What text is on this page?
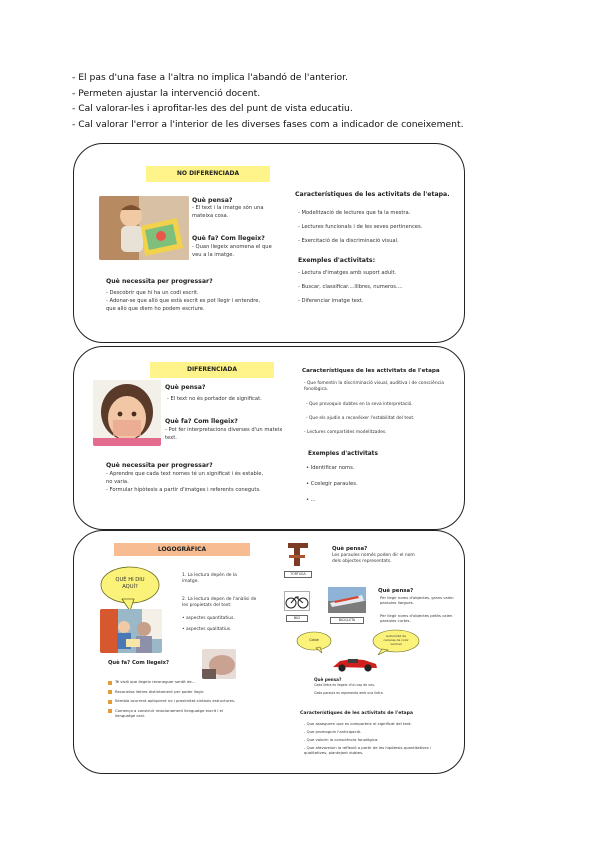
- El pas d'una fase a l'altra no implica l'abandó de l'anterior.
- Permeten ajustar la intervenció docent.
- Cal valorar-les i aprofitar-les des del punt de vista educatiu.
- Cal valorar l'error a l'interior de les diverses fases com a indicador de coneixement.
NO DIFERENCIADA
Què pensa?
- El text i la imatge són una mateixa cosa.
Què fa? Com llegeix?
- Quan llegeix anomena el que veu a la imatge.
Què necessita per progressar?
- Descobrir que hi ha un codi escrit.
- Adonar-se que allò que està escrit es pot llegir i entendre, que allò que diem ho podem escriure.
Característiques de les activitats de l'etapa.
- Modelització de lectures que fa la mestra.
- Lectures funcionals i de les seves pertinences.
- Exercitació de la discriminació visual.
Exemples d'activitats:
- Lectura d'imatges amb suport adult.
- Buscar, classificar....llibres, numeros....
- Diferenciar imatge text.
DIFERENCIADA
Què pensa?
- El text no és portador de significat.
Què fa? Com llegeix?
- Pot fer interpretacions diverses d'un mateix text.
Què necessita per progressar?
- Aprendre que cada text nomes té un significat i és estable, no varia.
- Formular hipòtesis a partir d'imatges i referents coneguts.
Característiques de les activitats de l'etapa
- Que fomentin la discriminació visual, auditiva i de consciència fonològica.
- Que provoquin dubtes en la seva interpretació.
- Que els ajudin a reconèixer l'estabilitat del text.
- Lectures compartides modelitzades.
Exemples d'activitats
• Identificar noms.
• Ccelegir paraules.
• ...
LOGOGRÀFICA
QUÈ HI DIU AQUÍ?
1. La lectura depèn de la imatge.
2. La lectura depen de l'anàlisi de les propietats del text:
• aspectes quantitatius.
• aspectes qualitatius.
Què fa? Com llegeix?
Té visió que llegeix reconeguer sentit de...
Reconeixa lletres distintament per poder llegir.
Sembla ocurrent apliquient no i proximitat sintaxis estructures.
Comença a construir relacionament llenguatge escrit i el llenguatge oral.
TORTUGA
Què pensa?
Les paraules només poden dir el nom dels objectes representats.
BICI	BICICLETA
Què pensa?
Per llegir noms d'objectes, grans calen paraules llargues.
Per llegir noms d'objectes petits calen paraules curtes.
Cotxe
Automòbil de carreres de color vermell
Què pensa?
Cada lletra es llegeix d'un cop de veu.
Cada paraula es representa amb una lletra.
Característiques de les activitats de l'etapa
- Que asseguren que es comparteix el significat del text.
- Que promoguin l'anticipació.
- Que valorin la consciència fonològica.
- Que afavoreixin la reflexió a partir de les hipòtesis quantitatives i qualitatives, plantejant dubtes.
